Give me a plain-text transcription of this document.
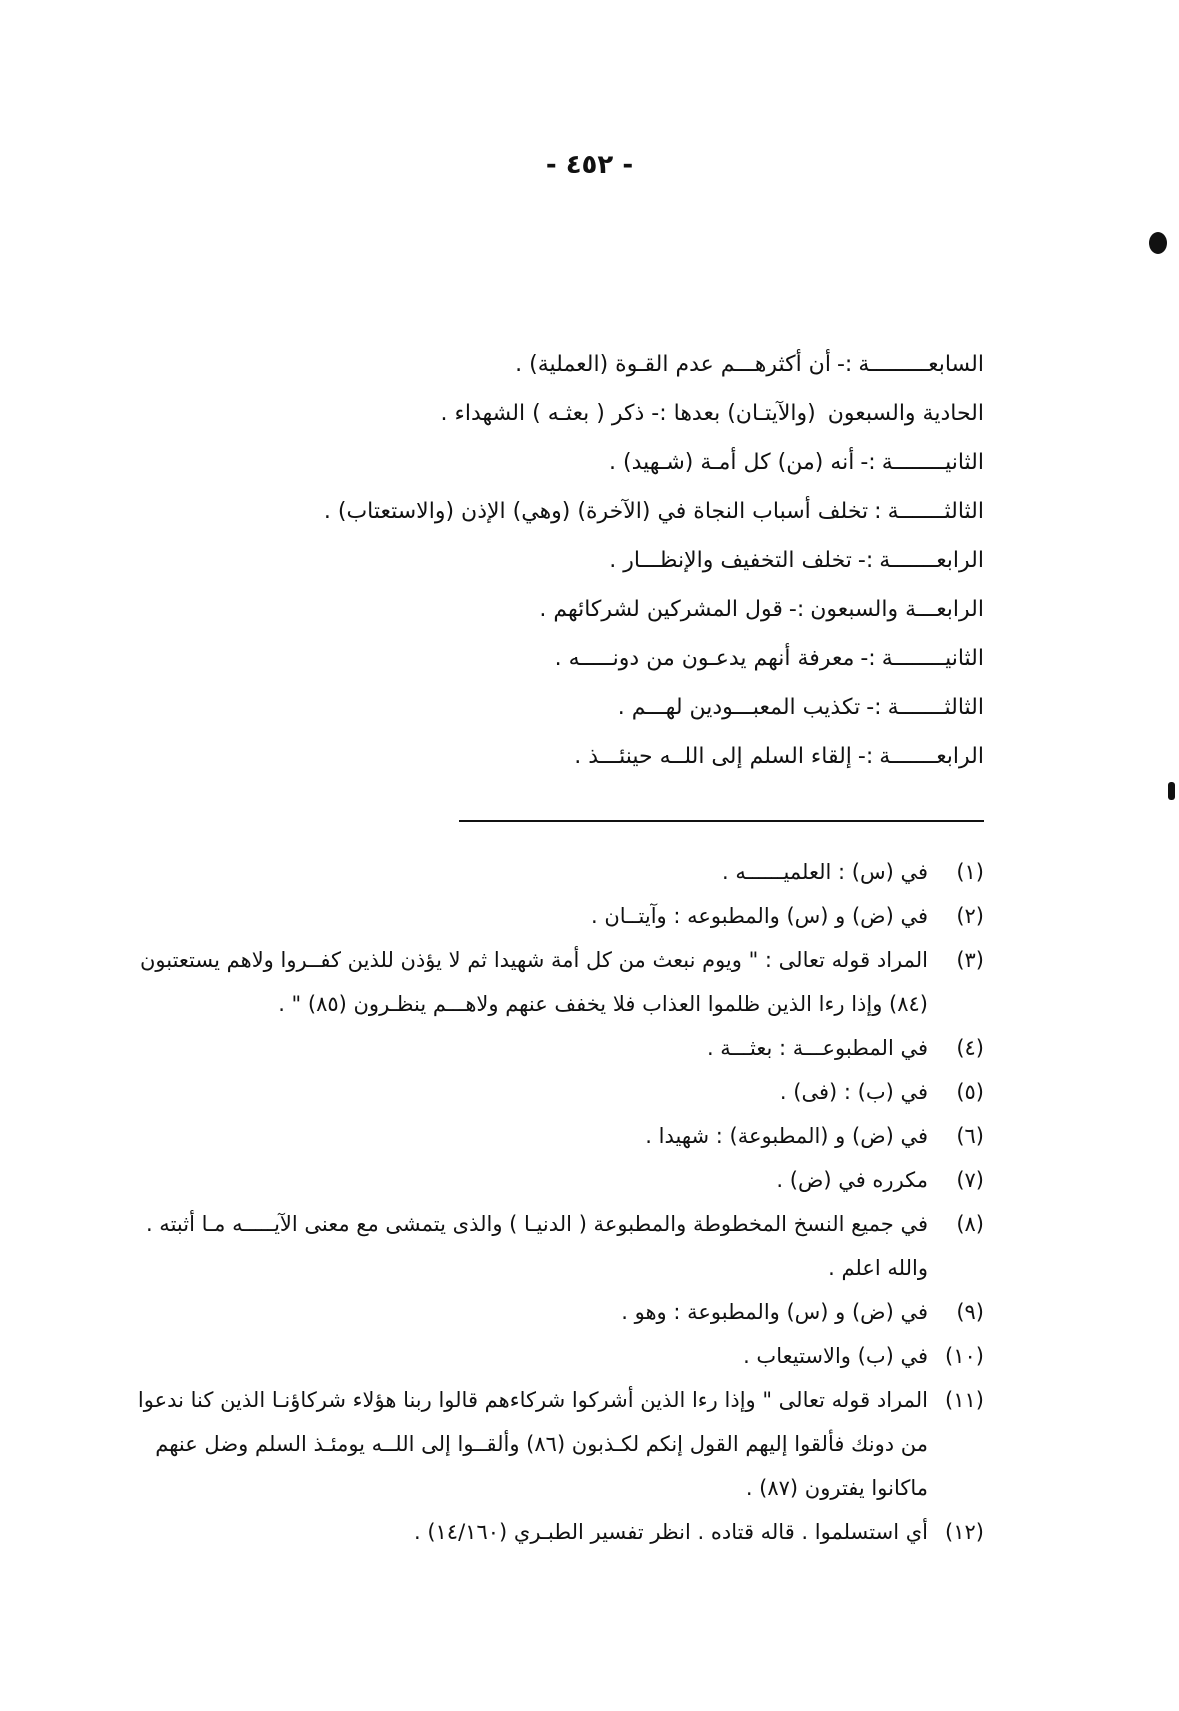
- ٤٥٢ -
السابعـــــــــة:-أن أكثرهـــم عدم القـوة (العملية) .
الحادية والسبعون(والآيتـان) بعدها :- ذكر ( بعثـه ) الشهداء .
الثانيــــــــة:-أنه (من) كل أمـة (شـهيد) .
الثالثـــــــة:تخلف أسباب النجاة في (الآخرة) (وهي) الإذن (والاستعتاب) .
الرابعـــــــة:-تخلف التخفيف والإنظـــار .
الرابعـــة والسبعون:-قول المشركين لشركائهم .
الثانيــــــــة:-معرفة أنهم يدعـون من دونـــــه .
الثالثـــــــة:-تكذيب المعبـــودين لهـــم .
الرابعـــــــة:-إلقاء السلم إلى اللــه حينئـــذ .
(١)
في (س) : العلميــــــه .
(٢)
في (ض) و (س) والمطبوعه : وآيتــان .
(٣)
المراد قوله تعالى : " ويوم نبعث من كل أمة شهيدا ثم لا يؤذن للذين كفــروا ولاهم يستعتبون (٨٤) وإذا رءا الذين ظلموا العذاب فلا يخفف عنهم ولاهـــم ينظـرون (٨٥) " .
(٤)
في المطبوعـــة : بعثـــة .
(٥)
في (ب) : (فى) .
(٦)
في (ض) و (المطبوعة) : شهيدا .
(٧)
مكرره في (ض) .
(٨)
في جميع النسخ المخطوطة والمطبوعة ( الدنيـا ) والذى يتمشى مع معنى الآيـــــه مـا أثبته . والله اعلم .
(٩)
في (ض) و (س) والمطبوعة : وهو .
(١٠)
في (ب) والاستيعاب .
(١١)
المراد قوله تعالى " وإذا رءا الذين أشركوا شركاءهم قالوا ربنا هؤلاء شركاؤنـا الذين كنا ندعوا من دونك فألقوا إليهم القول إنكم لكـذبون (٨٦) وألقــوا إلى اللــه يومئـذ السلم وضل عنهم ماكانوا يفترون (٨٧) .
(١٢)
أي استسلموا . قاله قتاده . انظر تفسير الطبـري (١٤/١٦٠) .
